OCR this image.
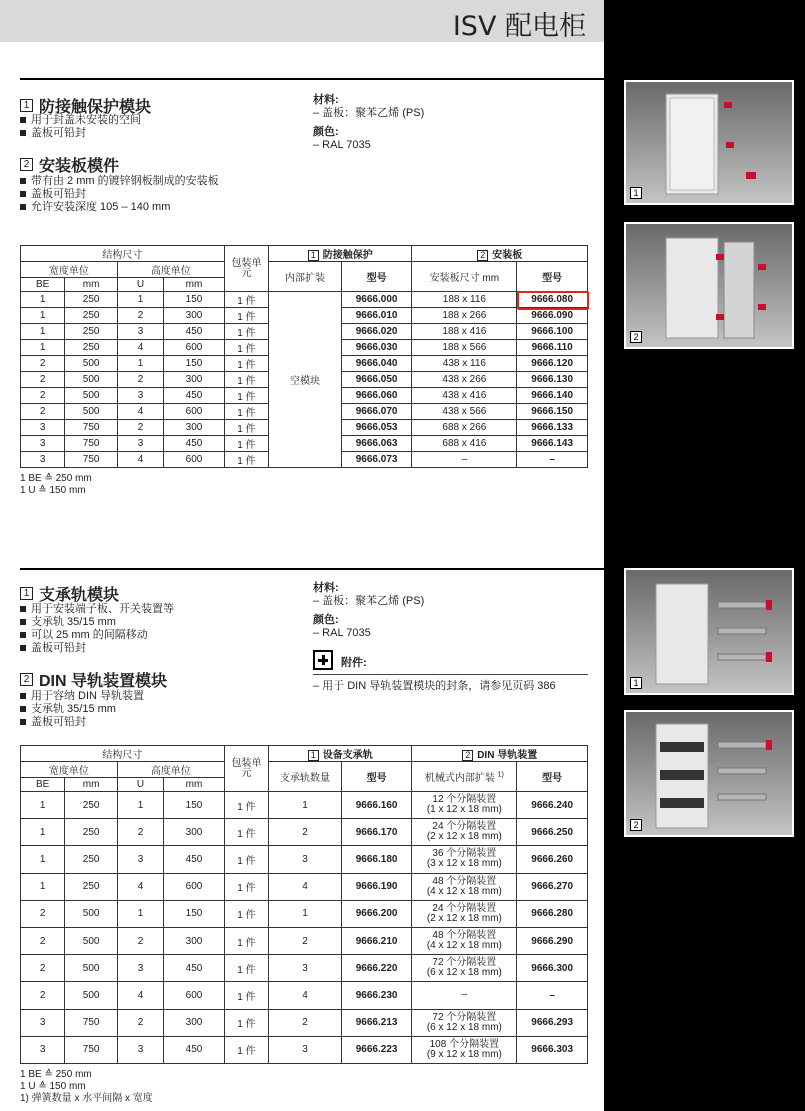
ISV 配电柜
1 防接触保护模块
用于封盖未安装的空间
盖板可铅封
2 安装板模件
带有由 2 mm 的镀锌钢板制成的安装板
盖板可铅封
允许安装深度 105 – 140 mm
材料:
– 盖板：聚苯乙烯 (PS)
颜色:
– RAL 7035
结构尺寸				包装单元	1 防接触保护		2 安装板	
宽度单位		高度单位			内部扩装	型号	安装板尺寸 mm	型号
BE	mm	U	mm					
1	250	1	150	1 件	空模块	9666.000	188 x 116	9666.080
1	250	2	300	1 件		9666.010	188 x 266	9666.090
1	250	3	450	1 件		9666.020	188 x 416	9666.100
1	250	4	600	1 件		9666.030	188 x 566	9666.110
2	500	1	150	1 件		9666.040	438 x 116	9666.120
2	500	2	300	1 件		9666.050	438 x 266	9666.130
2	500	3	450	1 件		9666.060	438 x 416	9666.140
2	500	4	600	1 件		9666.070	438 x 566	9666.150
3	750	2	300	1 件		9666.053	688 x 266	9666.133
3	750	3	450	1 件		9666.063	688 x 416	9666.143
3	750	4	600	1 件		9666.073	–	–
1 BE ≙ 250 mm
1 U ≙ 150 mm
1 支承轨模块
用于安装端子板、开关装置等
支承轨 35/15 mm
可以 25 mm 的间隔移动
盖板可铅封
2 DIN 导轨装置模块
用于容纳 DIN 导轨装置
支承轨 35/15 mm
盖板可铅封
材料:
– 盖板：聚苯乙烯 (PS)
颜色:
– RAL 7035
附件:
– 用于 DIN 导轨装置模块的封条，请参见页码 386
结构尺寸				包装单元	1 设备支承轨		2 DIN 导轨装置	
宽度单位		高度单位			支承轨数量	型号	机械式内部扩装 $^{1)}$	型号
BE	mm	U	mm					
1	250	1	150	1 件	1	9666.160	12 个分隔装置
(1 x 12 x 18 mm)	9666.240
1	250	2	300	1 件	2	9666.170	24 个分隔装置
(2 x 12 x 18 mm)	9666.250
1	250	3	450	1 件	3	9666.180	36 个分隔装置
(3 x 12 x 18 mm)	9666.260
1	250	4	600	1 件	4	9666.190	48 个分隔装置
(4 x 12 x 18 mm)	9666.270
2	500	1	150	1 件	1	9666.200	24 个分隔装置
(2 x 12 x 18 mm)	9666.280
2	500	2	300	1 件	2	9666.210	48 个分隔装置
(4 x 12 x 18 mm)	9666.290
2	500	3	450	1 件	3	9666.220	72 个分隔装置
(6 x 12 x 18 mm)	9666.300
2	500	4	600	1 件	4	9666.230	–	–
3	750	2	300	1 件	2	9666.213	72 个分隔装置
(6 x 12 x 18 mm)	9666.293
3	750	3	450	1 件	3	9666.223	108 个分隔装置
(9 x 12 x 18 mm)	9666.303
1 BE ≙ 250 mm
1 U ≙ 150 mm
1) 弹簧数量 x 水平间隔 x 宽度
1
2
1
2
